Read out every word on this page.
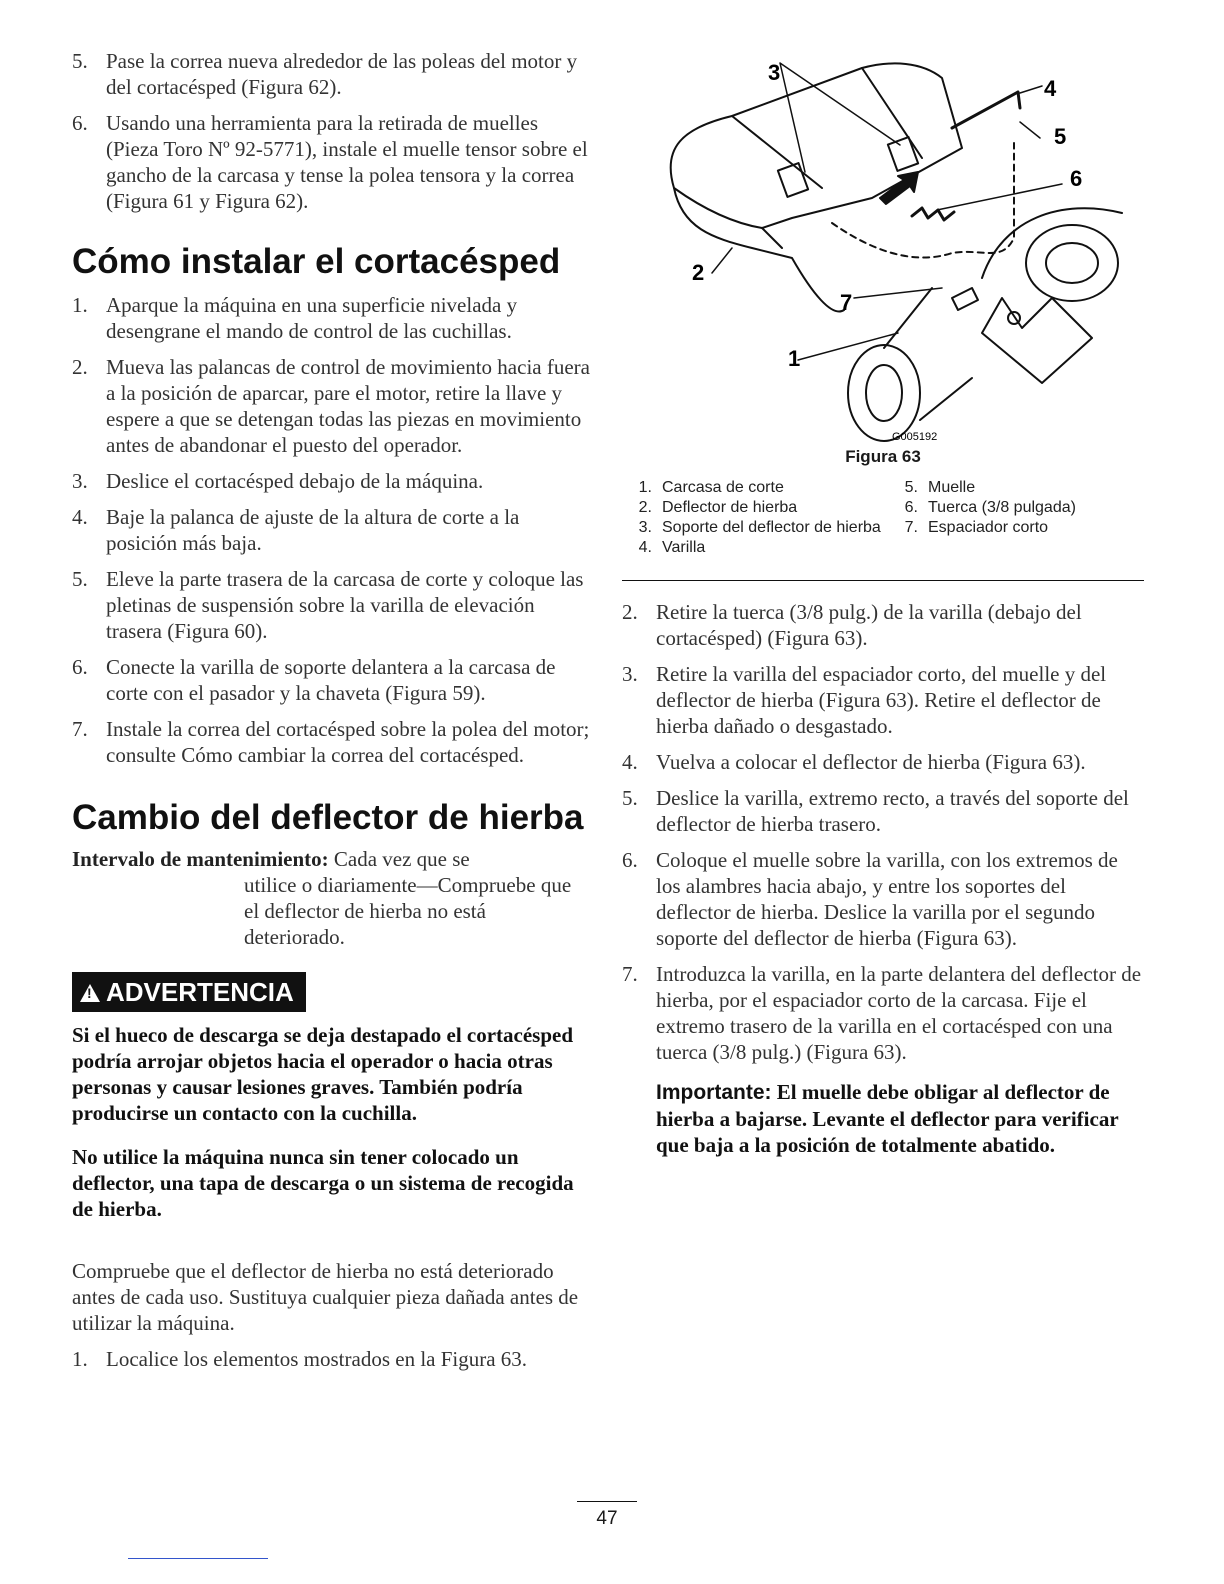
5. Pase la correa nueva alrededor de las poleas del motor y del cortacésped (Figura 62).
6. Usando una herramienta para la retirada de muelles (Pieza Toro Nº 92-5771), instale el muelle tensor sobre el gancho de la carcasa y tense la polea tensora y la correa (Figura 61 y Figura 62).
Cómo instalar el cortacésped
1. Aparque la máquina en una superficie nivelada y desengrane el mando de control de las cuchillas.
2. Mueva las palancas de control de movimiento hacia fuera a la posición de aparcar, pare el motor, retire la llave y espere a que se detengan todas las piezas en movimiento antes de abandonar el puesto del operador.
3. Deslice el cortacésped debajo de la máquina.
4. Baje la palanca de ajuste de la altura de corte a la posición más baja.
5. Eleve la parte trasera de la carcasa de corte y coloque las pletinas de suspensión sobre la varilla de elevación trasera (Figura 60).
6. Conecte la varilla de soporte delantera a la carcasa de corte con el pasador y la chaveta (Figura 59).
7. Instale la correa del cortacésped sobre la polea del motor; consulte Cómo cambiar la correa del cortacésped.
Cambio del deflector de hierba
Intervalo de mantenimiento: Cada vez que se
utilice o diariamente—Compruebe que el deflector de hierba no está deteriorado.
!ADVERTENCIA

Si el hueco de descarga se deja destapado el cortacésped podría arrojar objetos hacia el operador o hacia otras personas y causar lesiones graves. También podría producirse un contacto con la cuchilla.

No utilice la máquina nunca sin tener colocado un deflector, una tapa de descarga o un sistema de recogida de hierba.

Compruebe que el deflector de hierba no está deteriorado antes de cada uso. Sustituya cualquier pieza dañada antes de utilizar la máquina.

1. Localice los elementos mostrados en la Figura 63.
3
4
5
6
2
7
1
G005192
Figura 63
1. Carcasa de corte
2. Deflector de hierba
3. Soporte del deflector de hierba
4. Varilla
5. Muelle
6. Tuerca (3/8 pulgada)
7. Espaciador corto
2. Retire la tuerca (3/8 pulg.) de la varilla (debajo del cortacésped) (Figura 63).
3. Retire la varilla del espaciador corto, del muelle y del deflector de hierba (Figura 63). Retire el deflector de hierba dañado o desgastado.
4. Vuelva a colocar el deflector de hierba (Figura 63).
5. Deslice la varilla, extremo recto, a través del soporte del deflector de hierba trasero.
6. Coloque el muelle sobre la varilla, con los extremos de los alambres hacia abajo, y entre los soportes del deflector de hierba. Deslice la varilla por el segundo soporte del deflector de hierba (Figura 63).
7. Introduzca la varilla, en la parte delantera del deflector de hierba, por el espaciador corto de la carcasa. Fije el extremo trasero de la varilla en el cortacésped con una tuerca (3/8 pulg.) (Figura 63).

Importante: El muelle debe obligar al deflector de hierba a bajarse. Levante el deflector para verificar que baja a la posición de totalmente abatido.

47
